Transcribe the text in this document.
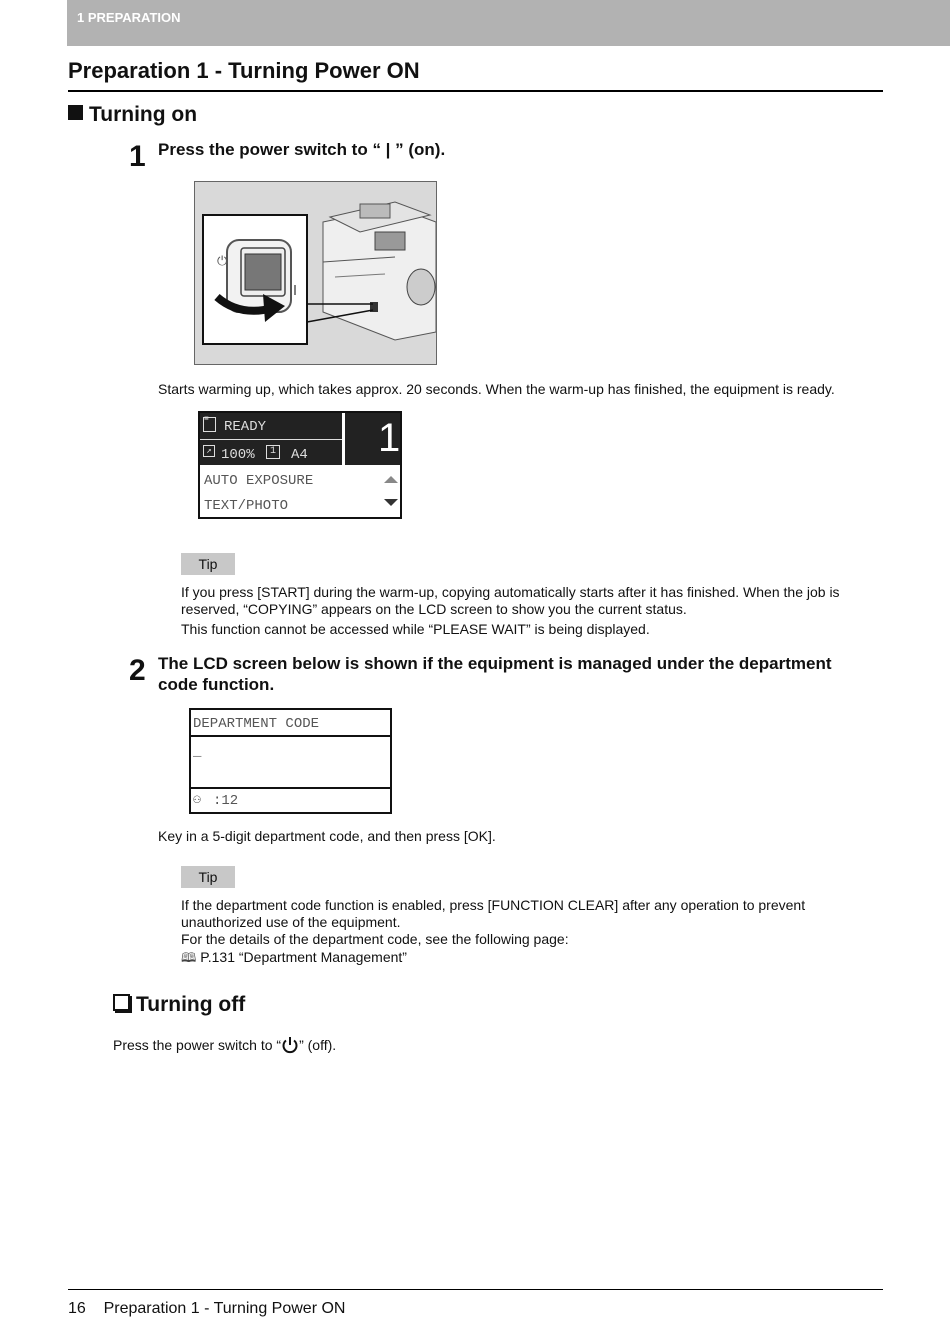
1 PREPARATION
Preparation 1 - Turning Power ON
Turning on
1 Press the power switch to “ | ” (on).

⏻
Starts warming up, which takes approx. 20 seconds. When the warm-up has finished, the equipment is ready.
≡	READY
↗ 100%	1 A4 1
AUTO EXPOSURE
TEXT/PHOTO
Tip
If you press [START] during the warm-up, copying automatically starts after it has finished. When the job is reserved, “COPYING” appears on the LCD screen to show you the current status.
This function cannot be accessed while “PLEASE WAIT” is being displayed.
2 The LCD screen below is shown if the equipment is managed under the department code function.

DEPARTMENT CODE
_
⚇ :12
Key in a 5-digit department code, and then press [OK].
Tip
If the department code function is enabled, press [FUNCTION CLEAR] after any operation to prevent unauthorized use of the equipment.
For the details of the department code, see the following page:
🕮 P.131 “Department Management”
Turning off
Press the power switch to “ ” (off).
16 Preparation 1 - Turning Power ON
